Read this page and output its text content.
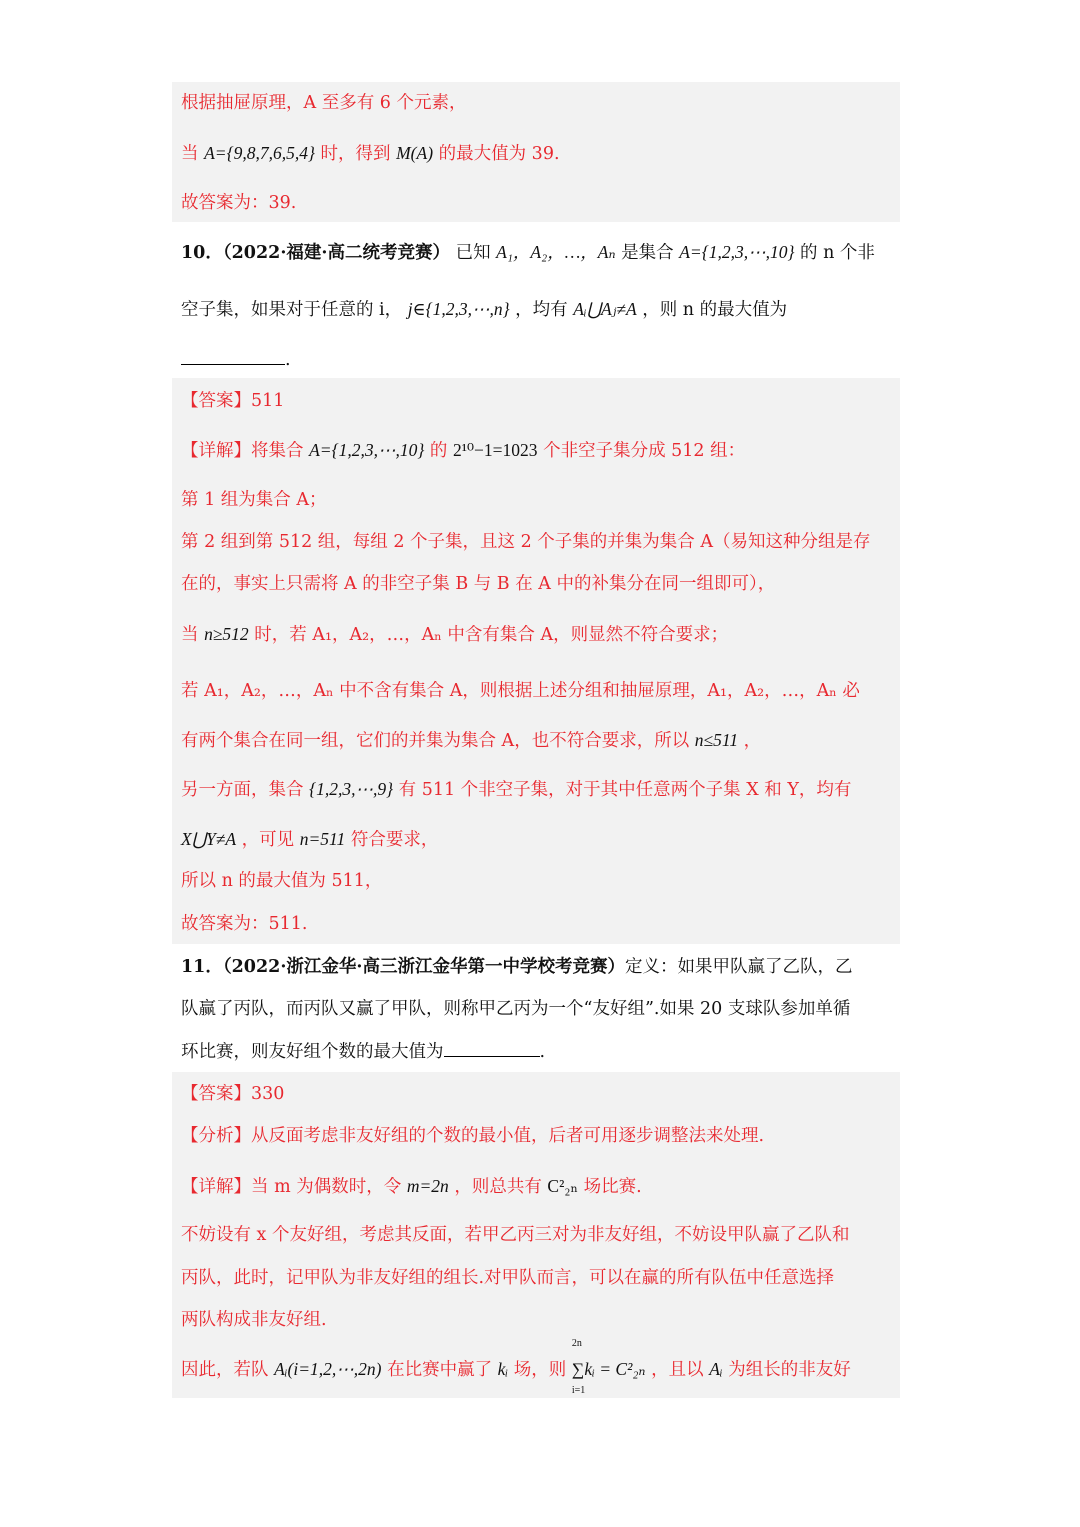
根据抽屉原理，A 至多有 6 个元素，
当 A={9,8,7,6,5,4} 时，得到 M(A) 的最大值为 39.
故答案为：39.
10．（2022·福建·高二统考竞赛） 已知 A₁，A₂，…，Aₙ 是集合 A={1,2,3,⋯,10} 的 n 个非
空子集，如果对于任意的 i， j∈{1,2,3,⋯,n} ，均有 Aᵢ⋃Aⱼ≠A ，则 n 的最大值为
.
【答案】511
【详解】将集合 A={1,2,3,⋯,10} 的 2¹⁰−1=1023 个非空子集分成 512 组：
第 1 组为集合 A；
第 2 组到第 512 组，每组 2 个子集，且这 2 个子集的并集为集合 A（易知这种分组是存
在的，事实上只需将 A 的非空子集 B 与 B 在 A 中的补集分在同一组即可），
当 n≥512 时，若 A₁，A₂，…，Aₙ 中含有集合 A，则显然不符合要求；
若 A₁，A₂，…，Aₙ 中不含有集合 A，则根据上述分组和抽屉原理，A₁，A₂，…，Aₙ 必
有两个集合在同一组，它们的并集为集合 A，也不符合要求，所以 n≤511 ，
另一方面，集合 {1,2,3,⋯,9} 有 511 个非空子集，对于其中任意两个子集 X 和 Y，均有
X⋃Y≠A ，可见 n=511 符合要求，
所以 n 的最大值为 511，
故答案为：511.
11．（2022·浙江金华·高三浙江金华第一中学校考竞赛）定义：如果甲队赢了乙队，乙
队赢了丙队，而丙队又赢了甲队，则称甲乙丙为一个“友好组”.如果 20 支球队参加单循
环比赛，则友好组个数的最大值为	.
【答案】330
【分析】从反面考虑非友好组的个数的最小值，后者可用逐步调整法来处理.
【详解】当 m 为偶数时，令 m=2n ，则总共有 C²₂ₙ 场比赛.
不妨设有 x 个友好组，考虑其反面，若甲乙丙三对为非友好组，不妨设甲队赢了乙队和
丙队，此时，记甲队为非友好组的组长.对甲队而言，可以在赢的所有队伍中任意选择
两队构成非友好组.
因此，若队 Aᵢ(i=1,2,⋯,2n) 在比赛中赢了 kᵢ 场，则
2n
∑kᵢ = C²₂ₙ
i=1
，且以 Aᵢ 为组长的非友好
